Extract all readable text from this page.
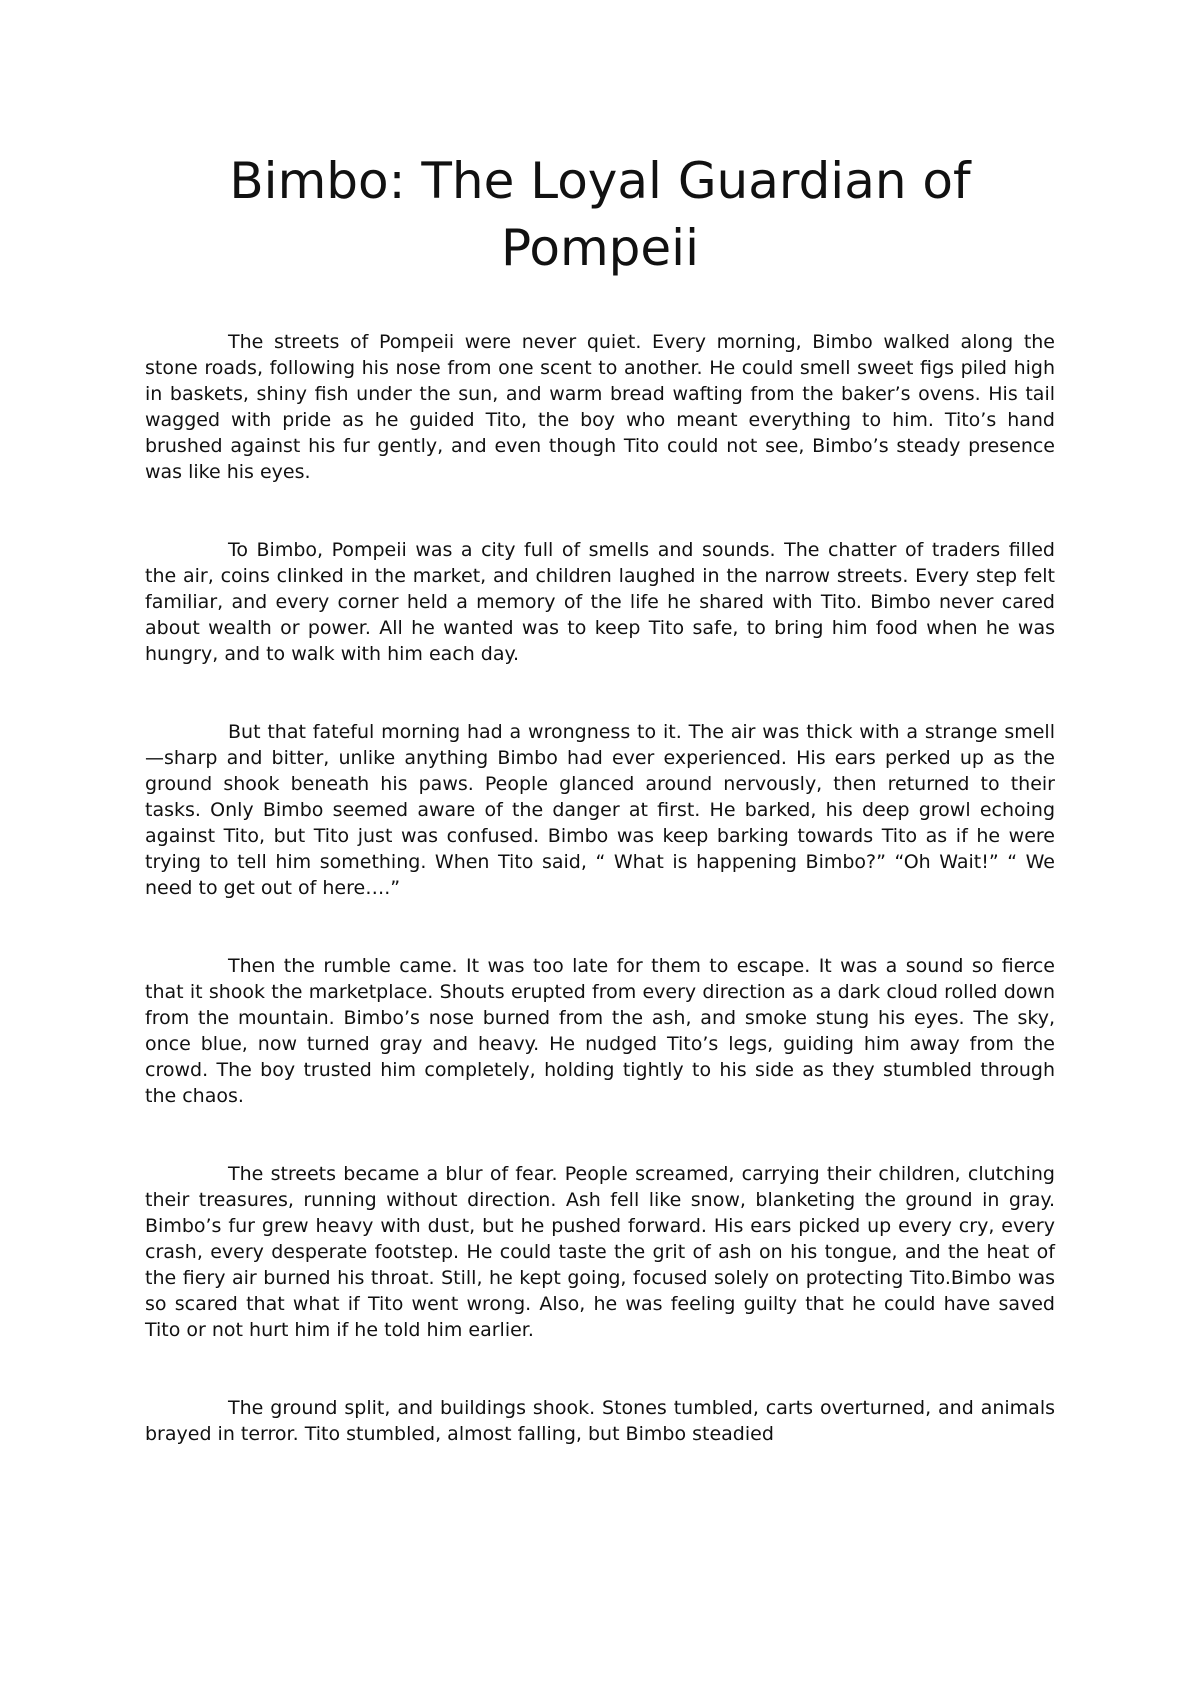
Bimbo: The Loyal Guardian of Pompeii

The streets of Pompeii were never quiet. Every morning, Bimbo walked along the stone roads, following his nose from one scent to another. He could smell sweet figs piled high in baskets, shiny fish under the sun, and warm bread wafting from the baker’s ovens. His tail wagged with pride as he guided Tito, the boy who meant everything to him. Tito’s hand brushed against his fur gently, and even though Tito could not see, Bimbo’s steady presence was like his eyes.

To Bimbo, Pompeii was a city full of smells and sounds. The chatter of traders filled the air, coins clinked in the market, and children laughed in the narrow streets. Every step felt familiar, and every corner held a memory of the life he shared with Tito. Bimbo never cared about wealth or power. All he wanted was to keep Tito safe, to bring him food when he was hungry, and to walk with him each day.

But that fateful morning had a wrongness to it. The air was thick with a strange smell—sharp and bitter, unlike anything Bimbo had ever experienced. His ears perked up as the ground shook beneath his paws. People glanced around nervously, then returned to their tasks. Only Bimbo seemed aware of the danger at first. He barked, his deep growl echoing against Tito, but Tito just was confused. Bimbo was keep barking towards Tito as if he were trying to tell him something. When Tito said, “ What is happening Bimbo?” “Oh Wait!” “ We need to get out of here….”

Then the rumble came. It was too late for them to escape. It was a sound so fierce that it shook the marketplace. Shouts erupted from every direction as a dark cloud rolled down from the mountain. Bimbo’s nose burned from the ash, and smoke stung his eyes. The sky, once blue, now turned gray and heavy. He nudged Tito’s legs, guiding him away from the crowd. The boy trusted him completely, holding tightly to his side as they stumbled through the chaos.

The streets became a blur of fear. People screamed, carrying their children, clutching their treasures, running without direction. Ash fell like snow, blanketing the ground in gray. Bimbo’s fur grew heavy with dust, but he pushed forward. His ears picked up every cry, every crash, every desperate footstep. He could taste the grit of ash on his tongue, and the heat of the fiery air burned his throat. Still, he kept going, focused solely on protecting Tito.Bimbo was so scared that what if Tito went wrong. Also, he was feeling guilty that he could have saved Tito or not hurt him if he told him earlier.

The ground split, and buildings shook. Stones tumbled, carts overturned, and animals brayed in terror. Tito stumbled, almost falling, but Bimbo steadied
